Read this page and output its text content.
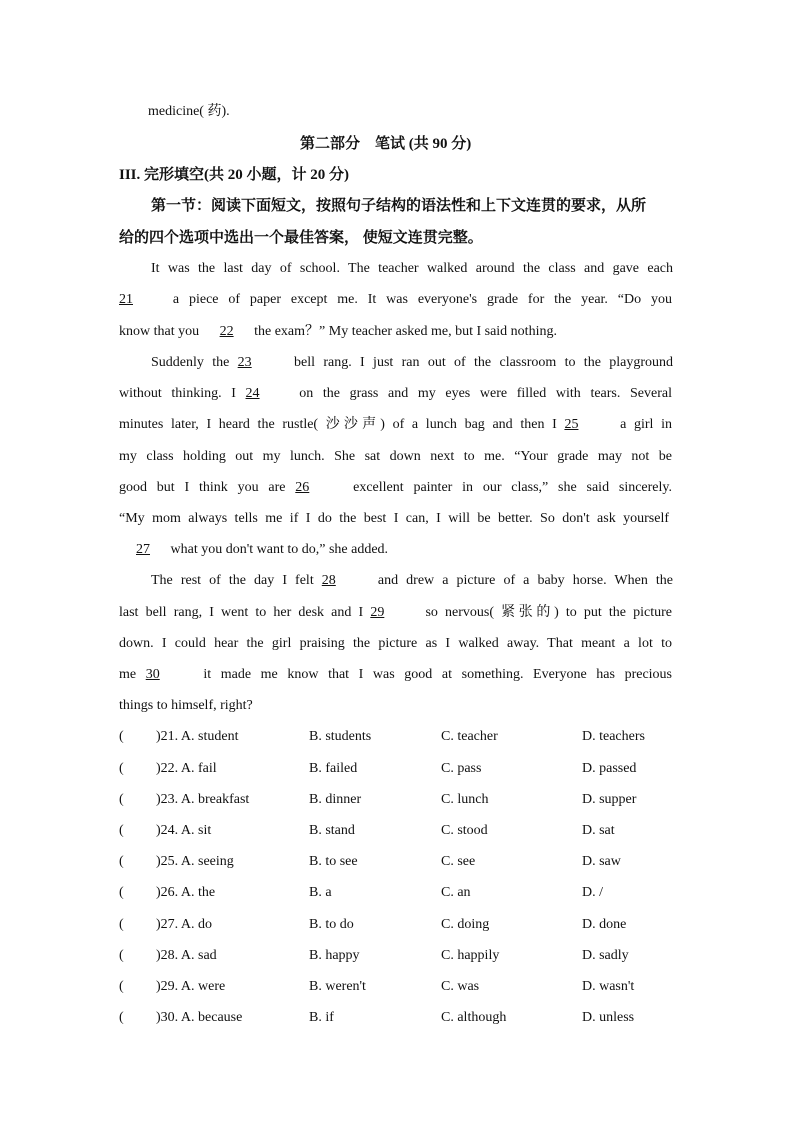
medicine( 药).
第二部分　笔试 (共 90 分)
III. 完形填空(共 20 小题，计 20 分)
第一节：阅读下面短文，按照句子结构的语法性和上下文连贯的要求，从所
给的四个选项中选出一个最佳答案， 使短文连贯完整。
It was the last day of school. The teacher walked around the class and gave each
21	a piece of paper except me. It was everyone's grade for the year. “Do you
know that you 22 the exam？” My teacher asked me, but I said nothing.
Suddenly the 23	bell rang. I just ran out of the classroom to the playground
without thinking. I 24	on the grass and my eyes were filled with tears. Several
minutes later, I heard the rustle( 沙沙声) of a lunch bag and then I 25	a girl in
my class holding out my lunch. She sat down next to me. “Your grade may not be
good but I think you are 26	excellent painter in our class,” she said sincerely.
“My mom always tells me if I do the best I can, I will be better. So don't ask yourself
27 what you don't want to do,” she added.
The rest of the day I felt 28	and drew a picture of a baby horse. When the
last bell rang, I went to her desk and I 29	so nervous( 紧张的) to put the picture
down. I could hear the girl praising the picture as I walked away. That meant a lot to
me 30	it made me know that I was good at something. Everyone has precious
things to himself, right?
( )21. A. student	B. students	C. teacher	D. teachers
( )22. A. fail	B. failed	C. pass	D. passed
( )23. A. breakfast	B. dinner	C. lunch	D. supper
( )24. A. sit	B. stand	C. stood	D. sat
( )25. A. seeing	B. to see	C. see	D. saw
( )26. A. the	B. a	C. an	D. /
( )27. A. do	B. to do	C. doing	D. done
( )28. A. sad	B. happy	C. happily	D. sadly
( )29. A. were	B. weren't	C. was	D. wasn't
( )30. A. because	B. if	C. although	D. unless
